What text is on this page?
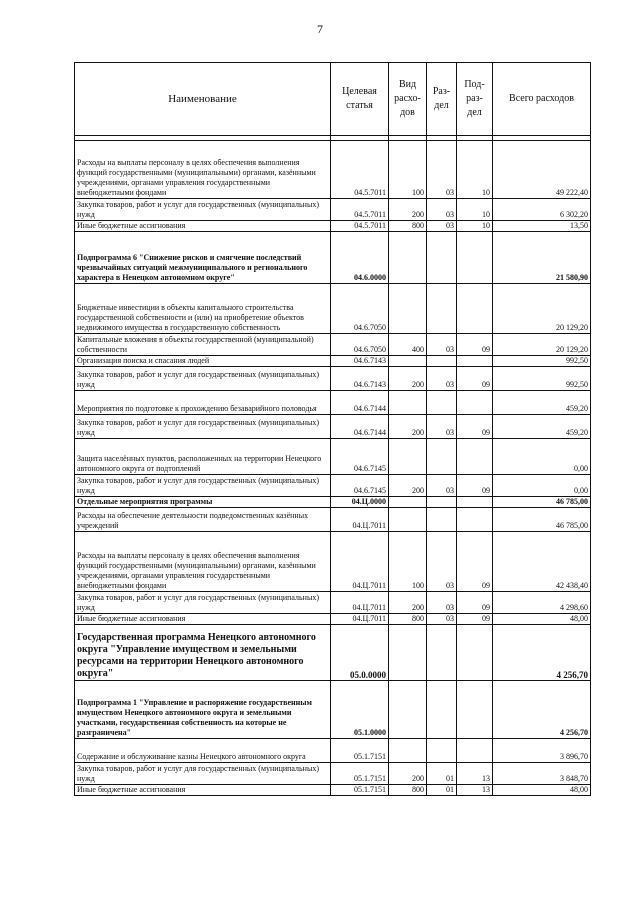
7
Наименование	Целевая статья	Вид расхо-дов	Раз-дел	Под-раз-дел	Всего расходов

Расходы на выплаты персоналу в целях обеспечения выполнения функций государственными (муниципальными) органами, казёнными учреждениями, органами управления государственными внебюджетными фондами	04.5.7011	100	03	10	49 222,40
Закупка товаров, работ и услуг для государственных (муниципальных) нужд	04.5.7011	200	03	10	6 302,20
Иные бюджетные ассигнования	04.5.7011	800	03	10	13,50
Подпрограмма 6 "Снижение рисков и смягчение последствий чрезвычайных ситуаций межмуниципального и регионального характера в Ненецком автономном округе"	04.6.0000				21 580,90
Бюджетные инвестиции в объекты капитального строительства государственной собственности и (или) на приобретение объектов недвижимого имущества в государственную собственность	04.6.7050				20 129,20
Капитальные вложения в объекты государственной (муниципальной) собственности	04.6.7050	400	03	09	20 129,20
Организация поиска и спасания людей	04.6.7143				992,50
Закупка товаров, работ и услуг для государственных (муниципальных) нужд	04.6.7143	200	03	09	992,50
Мероприятия по подготовке к прохождению безаварийного половодья	04.6.7144				459,20
Закупка товаров, работ и услуг для государственных (муниципальных) нужд	04.6.7144	200	03	09	459,20
Защита населённых пунктов, расположенных на территории Ненецкого автономного округа от подтоплений	04.6.7145				0,00
Закупка товаров, работ и услуг для государственных (муниципальных) нужд	04.6.7145	200	03	09	0,00
Отдельные мероприятия программы	04.Ц.0000				46 785,00
Расходы на обеспечение деятельности подведомственных казённых учреждений	04.Ц.7011				46 785,00
Расходы на выплаты персоналу в целях обеспечения выполнения функций государственными (муниципальными) органами, казёнными учреждениями, органами управления государственными внебюджетными фондами	04.Ц.7011	100	03	09	42 438,40
Закупка товаров, работ и услуг для государственных (муниципальных) нужд	04.Ц.7011	200	03	09	4 298,60
Иные бюджетные ассигнования	04.Ц.7011	800	03	09	48,00
Государственная программа Ненецкого автономного округа "Управление имуществом и земельными ресурсами на территории Ненецкого автономного округа"	05.0.0000				4 256,70
Подпрограмма 1 "Управление и распоряжение государственным имуществом Ненецкого автономного округа и земельными участками, государственная собственность на которые не разграничена"	05.1.0000				4 256,70
Содержание и обслуживание казны Ненецкого автономного округа	05.1.7151				3 896,70
Закупка товаров, работ и услуг для государственных (муниципальных) нужд	05.1.7151	200	01	13	3 848,70
Иные бюджетные ассигнования	05.1.7151	800	01	13	48,00
